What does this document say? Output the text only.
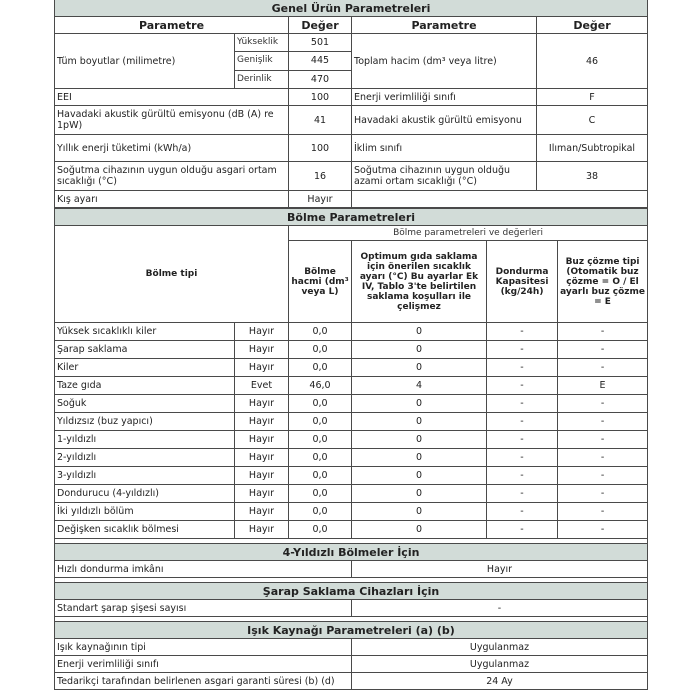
Genel Ürün Parametreleri				
Parametre		Değer	Parametre	Değer
Tüm boyutlar (milimetre)	Yükseklik	501	Toplam hacim (dm³ veya litre)	46
	Genişlik	445		
	Derinlik	470		
EEI		100	Enerji verimliliği sınıfı	F
Havadaki akustik gürültü emisyonu (dB (A) re 1pW)		41	Havadaki akustik gürültü emisyonu	C
Yıllık enerji tüketimi (kWh/a)		100	İklim sınıfı	Ilıman/Subtropikal
Soğutma cihazının uygun olduğu asgari ortam sıcaklığı (°C)		16	Soğutma cihazının uygun olduğu azami ortam sıcaklığı (°C)	38
Kış ayarı		Hayır		
Bölme Parametreleri					
Bölme tipi		Bölme parametreleri ve değerleri			
		Bölme hacmi (dm³ veya L)	Optimum gıda saklama için önerilen sıcaklık ayarı (°C) Bu ayarlar Ek IV, Tablo 3'te belirtilen saklama koşulları ile çelişmez	Dondurma Kapasitesi (kg/24h)	Buz çözme tipi (Otomatik buz çözme = O / El ayarlı buz çözme = E
Yüksek sıcaklıklı kiler	Hayır	0,0	0	-	-
Şarap saklama	Hayır	0,0	0	-	-
Kiler	Hayır	0,0	0	-	-
Taze gıda	Evet	46,0	4	-	E
Soğuk	Hayır	0,0	0	-	-
Yıldızsız (buz yapıcı)	Hayır	0,0	0	-	-
1-yıldızlı	Hayır	0,0	0	-	-
2-yıldızlı	Hayır	0,0	0	-	-
3-yıldızlı	Hayır	0,0	0	-	-
Dondurucu (4-yıldızlı)	Hayır	0,0	0	-	-
İki yıldızlı bölüm	Hayır	0,0	0	-	-
Değişken sıcaklık bölmesi	Hayır	0,0	0	-	-

4-Yıldızlı Bölmeler İçin	
Hızlı dondurma imkânı	Hayır

Şarap Saklama Cihazları İçin	
Standart şarap şişesi sayısı	-

Işık Kaynağı Parametreleri (a) (b)	
Işık kaynağının tipi	Uygulanmaz
Enerji verimliliği sınıfı	Uygulanmaz
Tedarikçi tarafından belirlenen asgari garanti süresi (b) (d)	24 Ay
